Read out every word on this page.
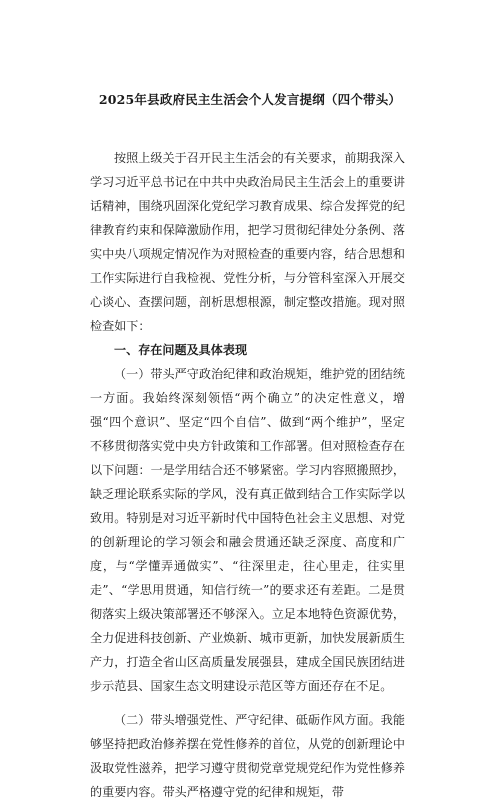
2025年县政府民主生活会个人发言提纲（四个带头）

按照上级关于召开民主生活会的有关要求，前期我深入学习习近平总书记在中共中央政治局民主生活会上的重要讲话精神，围绕巩固深化党纪学习教育成果、综合发挥党的纪律教育约束和保障激励作用，把学习贯彻纪律处分条例、落实中央八项规定情况作为对照检查的重要内容，结合思想和工作实际进行自我检视、党性分析，与分管科室深入开展交心谈心、查摆问题，剖析思想根源，制定整改措施。现对照检查如下：

一、存在问题及具体表现

（一）带头严守政治纪律和政治规矩，维护党的团结统一方面。我始终深刻领悟“两个确立”的决定性意义，增强“四个意识”、坚定“四个自信”、做到“两个维护”，坚定不移贯彻落实党中央方针政策和工作部署。但对照检查存在以下问题：一是学用结合还不够紧密。学习内容照搬照抄，缺乏理论联系实际的学风，没有真正做到结合工作实际学以致用。特别是对习近平新时代中国特色社会主义思想、对党的创新理论的学习领会和融会贯通还缺乏深度、高度和广度，与“学懂弄通做实”、“往深里走，往心里走，往实里走”、“学思用贯通，知信行统一”的要求还有差距。二是贯彻落实上级决策部署还不够深入。立足本地特色资源优势，全力促进科技创新、产业焕新、城市更新，加快发展新质生产力，打造全省山区高质量发展强县，建成全国民族团结进步示范县、国家生态文明建设示范区等方面还存在不足。

（二）带头增强党性、严守纪律、砥砺作风方面。我能够坚持把政治修养摆在党性修养的首位，从党的创新理论中汲取党性滋养，把学习遵守贯彻党章党规党纪作为党性修养的重要内容。带头严格遵守党的纪律和规矩，带
